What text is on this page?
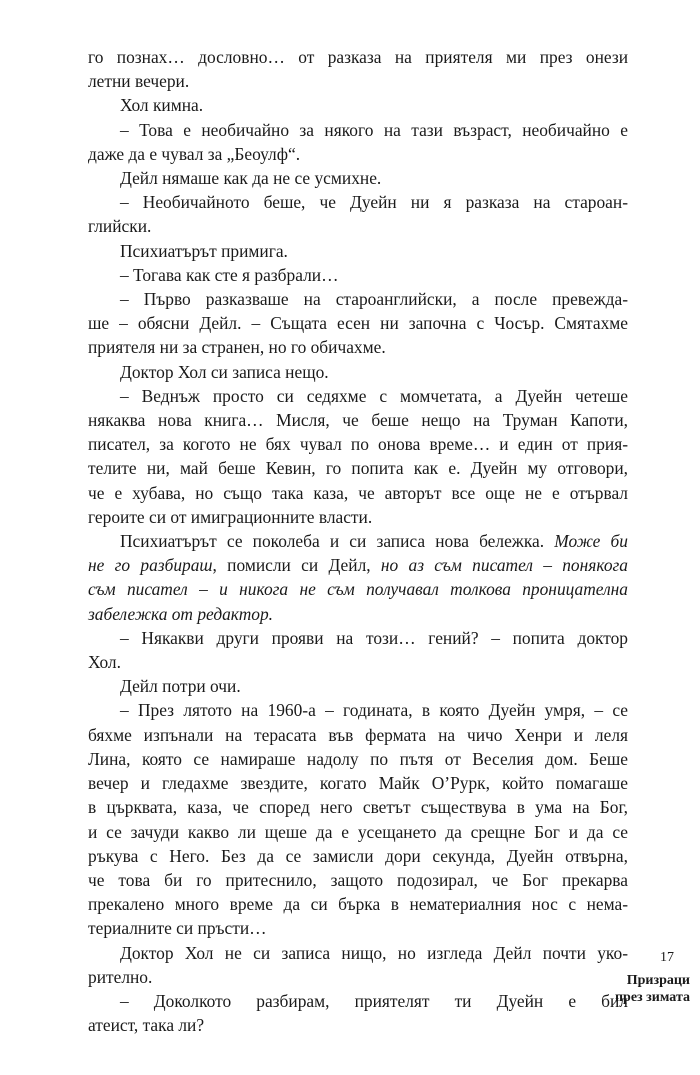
го познах… дословно… от разказа на приятеля ми през онези
летни вечери.
Хол кимна.
– Това е необичайно за някого на тази възраст, необичайно е
даже да е чувал за „Беоулф“.
Дейл нямаше как да не се усмихне.
– Необичайното беше, че Дуейн ни я разказа на староан-
глийски.
Психиатърът примига.
– Тогава как сте я разбрали…
– Първо разказваше на староанглийски, а после превежда-
ше – обясни Дейл. – Същата есен ни започна с Чосър. Смятахме
приятеля ни за странен, но го обичахме.
Доктор Хол си записа нещо.
– Веднъж просто си седяхме с момчетата, а Дуейн четеше
някаква нова книга… Мисля, че беше нещо на Труман Капоти,
писател, за когото не бях чувал по онова време… и един от прия-
телите ни, май беше Кевин, го попита как е. Дуейн му отговори,
че е хубава, но също така каза, че авторът все още не е отървал
героите си от имиграционните власти.
Психиатърът се поколеба и си записа нова бележка. Може би
не го разбираш, помисли си Дейл, но аз съм писател – понякога
съм писател – и никога не съм получавал толкова проницателна
забележка от редактор.
– Някакви други прояви на този… гений? – попита доктор
Хол.
Дейл потри очи.
– През лятото на 1960-а – годината, в която Дуейн умря, – се
бяхме изпънали на терасата във фермата на чичо Хенри и леля
Лина, която се намираше надолу по пътя от Веселия дом. Беше
вечер и гледахме звездите, когато Майк О’Рурк, който помагаше
в църквата, каза, че според него светът съществува в ума на Бог,
и се зачуди какво ли щеше да е усещането да срещне Бог и да се
ръкува с Него. Без да се замисли дори секунда, Дуейн отвърна,
че това би го притеснило, защото подозирал, че Бог прекарва
прекалено много време да си бърка в нематериалния нос с нема-
териалните си пръсти…
Доктор Хол не си записа нищо, но изгледа Дейл почти уко-
рително.
– Доколкото разбирам, приятелят ти Дуейн е бил
атеист, така ли?
17
Призраци
през зимата
